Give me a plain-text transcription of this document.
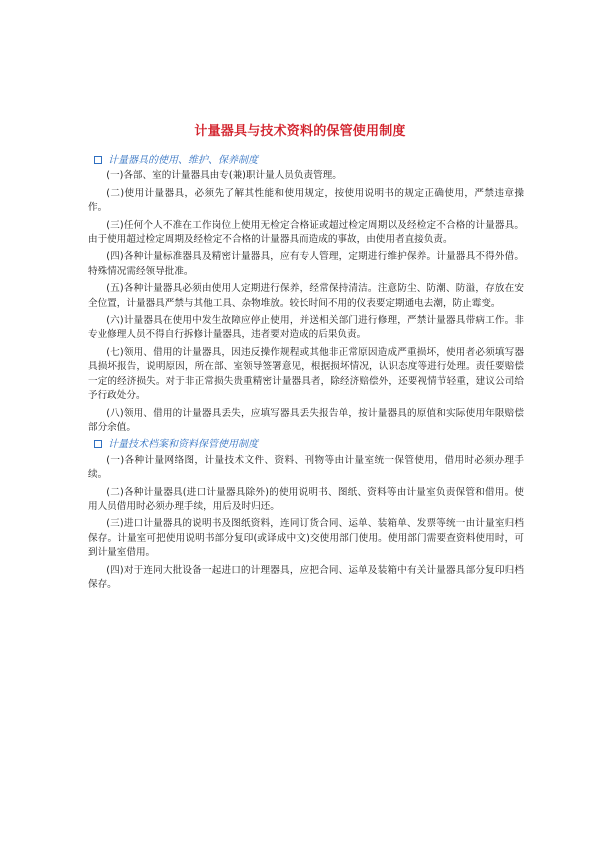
计量器具与技术资料的保管使用制度
计量器具的使用、维护、保养制度
(一)各部、室的计量器具由专(兼)职计量人员负责管理。
(二)使用计量器具，必须先了解其性能和使用规定，按使用说明书的规定正确使用，严禁违章操作。
(三)任何个人不准在工作岗位上使用无检定合格证或超过检定周期以及经检定不合格的计量器具。由于使用超过检定周期及经检定不合格的计量器具而造成的事故，由使用者直接负责。
(四)各种计量标准器具及精密计量器具，应有专人管理，定期进行维护保养。计量器具不得外借。特殊情况需经领导批准。
(五)各种计量器具必须由使用人定期进行保养，经常保持清洁。注意防尘、防潮、防溢，存放在安全位置，计量器具严禁与其他工具、杂物堆放。较长时间不用的仪表要定期通电去潮，防止霉变。
(六)计量器具在使用中发生故障应停止使用，并送相关部门进行修理，严禁计量器具带病工作。非专业修理人员不得自行拆修计量器具，违者要对造成的后果负责。
(七)领用、借用的计量器具，因违反操作规程或其他非正常原因造成严重损坏，使用者必须填写器具损坏报告，说明原因，所在部、室领导签署意见，根据损坏情况，认识态度等进行处理。责任要赔偿一定的经济损失。对于非正常损失贵重精密计量器具者，除经济赔偿外，还要视情节轻重，建议公司给予行政处分。
(八)领用、借用的计量器具丢失，应填写器具丢失报告单，按计量器具的原值和实际使用年限赔偿部分余值。
计量技术档案和资料保管使用制度
(一)各种计量网络图，计量技术文件、资料、刊物等由计量室统一保管使用，借用时必须办理手续。
(二)各种计量器具(进口计量器具除外)的使用说明书、图纸、资料等由计量室负责保管和借用。使用人员借用时必须办理手续，用后及时归还。
(三)进口计量器具的说明书及图纸资料，连同订货合同、运单、装箱单、发票等统一由计量室归档保存。计量室可把使用说明书部分复印(或译成中文)交使用部门使用。使用部门需要查资料使用时，可到计量室借用。
(四)对于连同大批设备一起进口的计理器具，应把合同、运单及装箱中有关计量器具部分复印归档保存。
